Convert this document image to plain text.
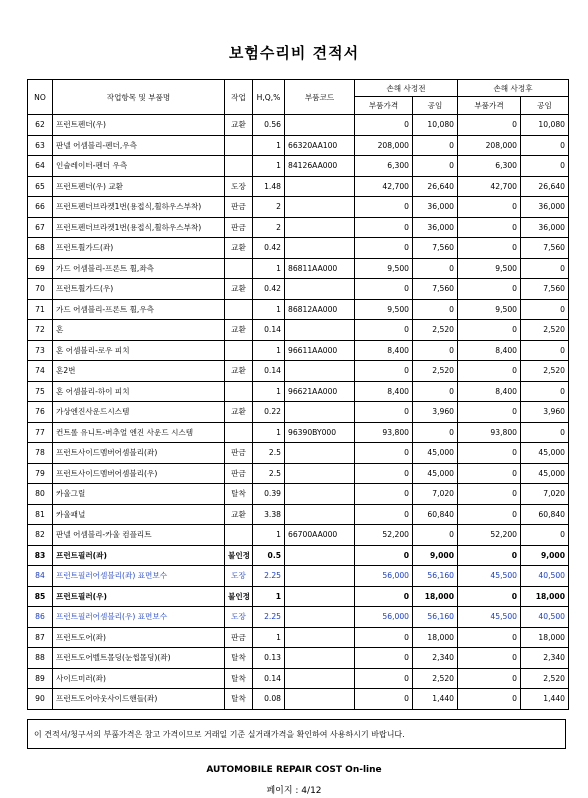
보험수리비 견적서
NO	작업항목 및 부품명	작업	H,Q,%	부품코드	손해 사정전		손해 사정후	
					부품가격	공임	부품가격	공임
62	프런트펜더(우)	교환	0.56		0	10,080	0	10,080
63	판넬 어셈블리-펜더,우측		1	66320AA100	208,000	0	208,000	0
64	인슐레이터-펜더 우측		1	84126AA000	6,300	0	6,300	0
65	프런트펜더(우) 교환	도장	1.48		42,700	26,640	42,700	26,640
66	프런트펜더브라켓1번(용접식,휠하우스부착)	판금	2		0	36,000	0	36,000
67	프런트펜더브라켓1번(용접식,휠하우스부착)	판금	2		0	36,000	0	36,000
68	프런트휠가드(좌)	교환	0.42		0	7,560	0	7,560
69	가드 어셈블리-프론트 휠,좌측		1	86811AA000	9,500	0	9,500	0
70	프런트휠가드(우)	교환	0.42		0	7,560	0	7,560
71	가드 어셈블리-프론트 휠,우측		1	86812AA000	9,500	0	9,500	0
72	혼	교환	0.14		0	2,520	0	2,520
73	혼 어셈블리-로우 피치		1	96611AA000	8,400	0	8,400	0
74	혼2번	교환	0.14		0	2,520	0	2,520
75	혼 어셈블리-하이 피치		1	96621AA000	8,400	0	8,400	0
76	가상엔진사운드시스템	교환	0.22		0	3,960	0	3,960
77	컨트롤 유니트-버추얼 엔진 사운드 시스템		1	96390BY000	93,800	0	93,800	0
78	프런트사이드멤버어셈블리(좌)	판금	2.5		0	45,000	0	45,000
79	프런트사이드멤버어셈블리(우)	판금	2.5		0	45,000	0	45,000
80	카울그릴	탈착	0.39		0	7,020	0	7,020
81	카울패널	교환	3.38		0	60,840	0	60,840
82	판넬 어셈블리-카울 컴플리트		1	66700AA000	52,200	0	52,200	0
83	프런트필러(좌)	불인정	0.5		0	9,000	0	9,000
84	프런트필러어셈블리(좌) 표면보수	도장	2.25		56,000	56,160	45,500	40,500
85	프런트필러(우)	불인정	1		0	18,000	0	18,000
86	프런트필러어셈블리(우) 표면보수	도장	2.25		56,000	56,160	45,500	40,500
87	프런트도어(좌)	판금	1		0	18,000	0	18,000
88	프런트도어벨트몰딩(눈썹몰딩)(좌)	탈착	0.13		0	2,340	0	2,340
89	사이드미러(좌)	탈착	0.14		0	2,520	0	2,520
90	프런트도어아웃사이드핸들(좌)	탈착	0.08		0	1,440	0	1,440
이 견적서/청구서의 부품가격은 참고 가격이므로 거래일 기준 실거래가격을 확인하여 사용하시기 바랍니다.
AUTOMOBILE REPAIR COST On-line
페이지 : 4/12
